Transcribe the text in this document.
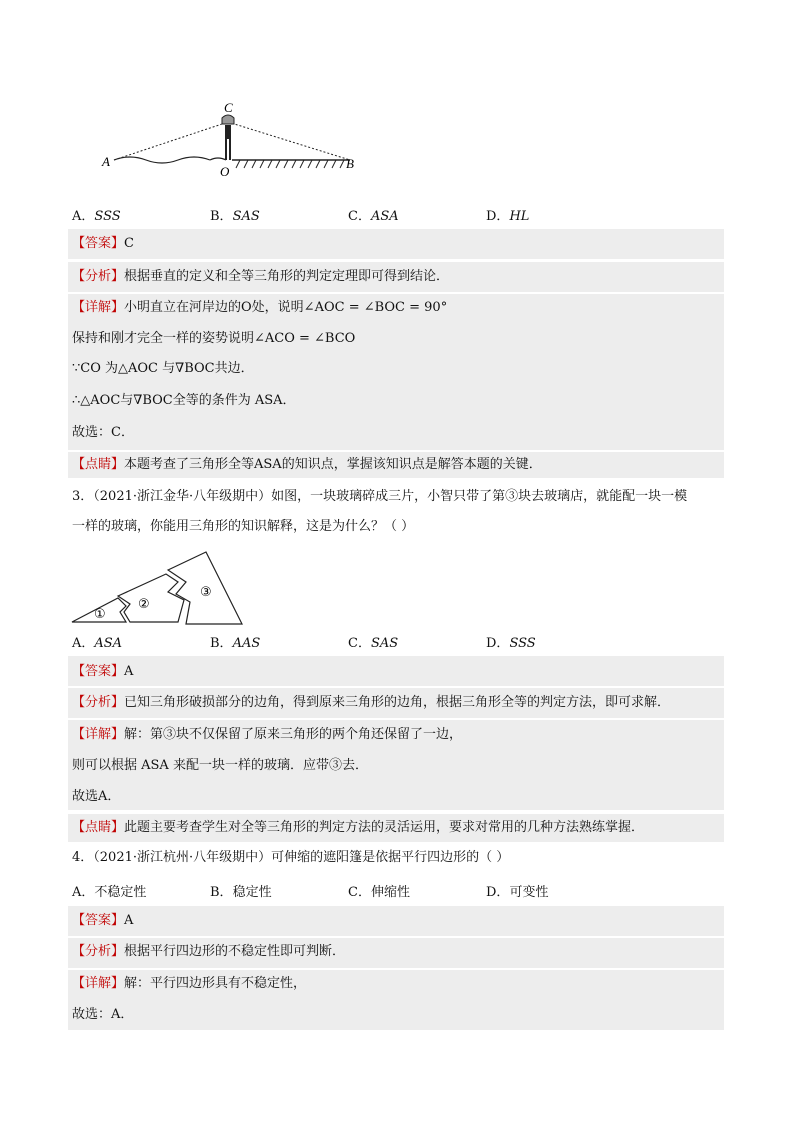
C
A
O
B
A．SSS	B．SAS	C．ASA	D．HL
【答案】C
【分析】根据垂直的定义和全等三角形的判定定理即可得到结论．
【详解】小明直立在河岸边的O处，说明∠AOC = ∠BOC = 90°
保持和刚才完全一样的姿势说明∠ACO = ∠BCO
∵CO 为△AOC 与∇BOC共边．
∴△AOC与∇BOC全等的条件为 ASA．
故选：C．
【点睛】本题考查了三角形全等ASA的知识点，掌握该知识点是解答本题的关键．
3．（2021·浙江金华·八年级期中）如图，一块玻璃碎成三片，小智只带了第③块去玻璃店，就能配一块一模
一样的玻璃，你能用三角形的知识解释，这是为什么？（ ）
①
②
③
A．ASA	B．AAS	C．SAS	D．SSS
【答案】A
【分析】已知三角形破损部分的边角，得到原来三角形的边角，根据三角形全等的判定方法，即可求解．
【详解】解：第③块不仅保留了原来三角形的两个角还保留了一边，
则可以根据 ASA 来配一块一样的玻璃．应带③去．
故选A．
【点睛】此题主要考查学生对全等三角形的判定方法的灵活运用，要求对常用的几种方法熟练掌握．
4．（2021·浙江杭州·八年级期中）可伸缩的遮阳篷是依据平行四边形的（ ）
A．不稳定性	B．稳定性	C．伸缩性	D．可变性
【答案】A
【分析】根据平行四边形的不稳定性即可判断．
【详解】解：平行四边形具有不稳定性，
故选：A．
